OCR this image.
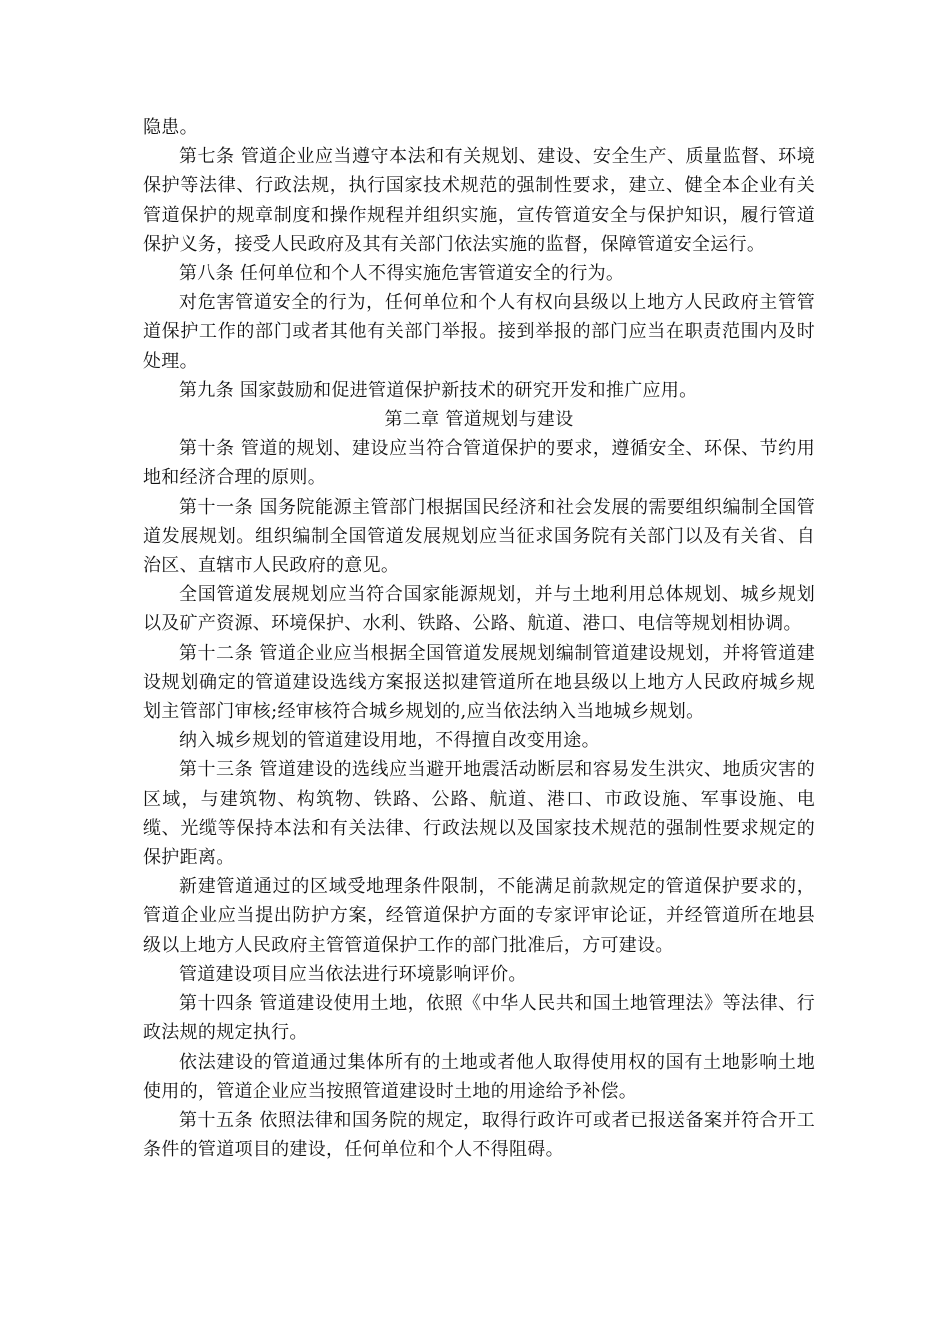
隐患。

第七条 管道企业应当遵守本法和有关规划、建设、安全生产、质量监督、环境保护等法律、行政法规，执行国家技术规范的强制性要求，建立、健全本企业有关管道保护的规章制度和操作规程并组织实施，宣传管道安全与保护知识，履行管道保护义务，接受人民政府及其有关部门依法实施的监督，保障管道安全运行。

第八条 任何单位和个人不得实施危害管道安全的行为。

对危害管道安全的行为，任何单位和个人有权向县级以上地方人民政府主管管道保护工作的部门或者其他有关部门举报。接到举报的部门应当在职责范围内及时处理。

第九条 国家鼓励和促进管道保护新技术的研究开发和推广应用。

第二章 管道规划与建设

第十条 管道的规划、建设应当符合管道保护的要求，遵循安全、环保、节约用地和经济合理的原则。

第十一条 国务院能源主管部门根据国民经济和社会发展的需要组织编制全国管道发展规划。组织编制全国管道发展规划应当征求国务院有关部门以及有关省、自治区、直辖市人民政府的意见。

全国管道发展规划应当符合国家能源规划，并与土地利用总体规划、城乡规划以及矿产资源、环境保护、水利、铁路、公路、航道、港口、电信等规划相协调。

第十二条 管道企业应当根据全国管道发展规划编制管道建设规划，并将管道建设规划确定的管道建设选线方案报送拟建管道所在地县级以上地方人民政府城乡规划主管部门审核;经审核符合城乡规划的,应当依法纳入当地城乡规划。

纳入城乡规划的管道建设用地，不得擅自改变用途。

第十三条 管道建设的选线应当避开地震活动断层和容易发生洪灾、地质灾害的区域，与建筑物、构筑物、铁路、公路、航道、港口、市政设施、军事设施、电缆、光缆等保持本法和有关法律、行政法规以及国家技术规范的强制性要求规定的保护距离。

新建管道通过的区域受地理条件限制，不能满足前款规定的管道保护要求的，管道企业应当提出防护方案，经管道保护方面的专家评审论证，并经管道所在地县级以上地方人民政府主管管道保护工作的部门批准后，方可建设。

管道建设项目应当依法进行环境影响评价。

第十四条 管道建设使用土地，依照《中华人民共和国土地管理法》等法律、行政法规的规定执行。

依法建设的管道通过集体所有的土地或者他人取得使用权的国有土地影响土地使用的，管道企业应当按照管道建设时土地的用途给予补偿。

第十五条 依照法律和国务院的规定，取得行政许可或者已报送备案并符合开工条件的管道项目的建设，任何单位和个人不得阻碍。
